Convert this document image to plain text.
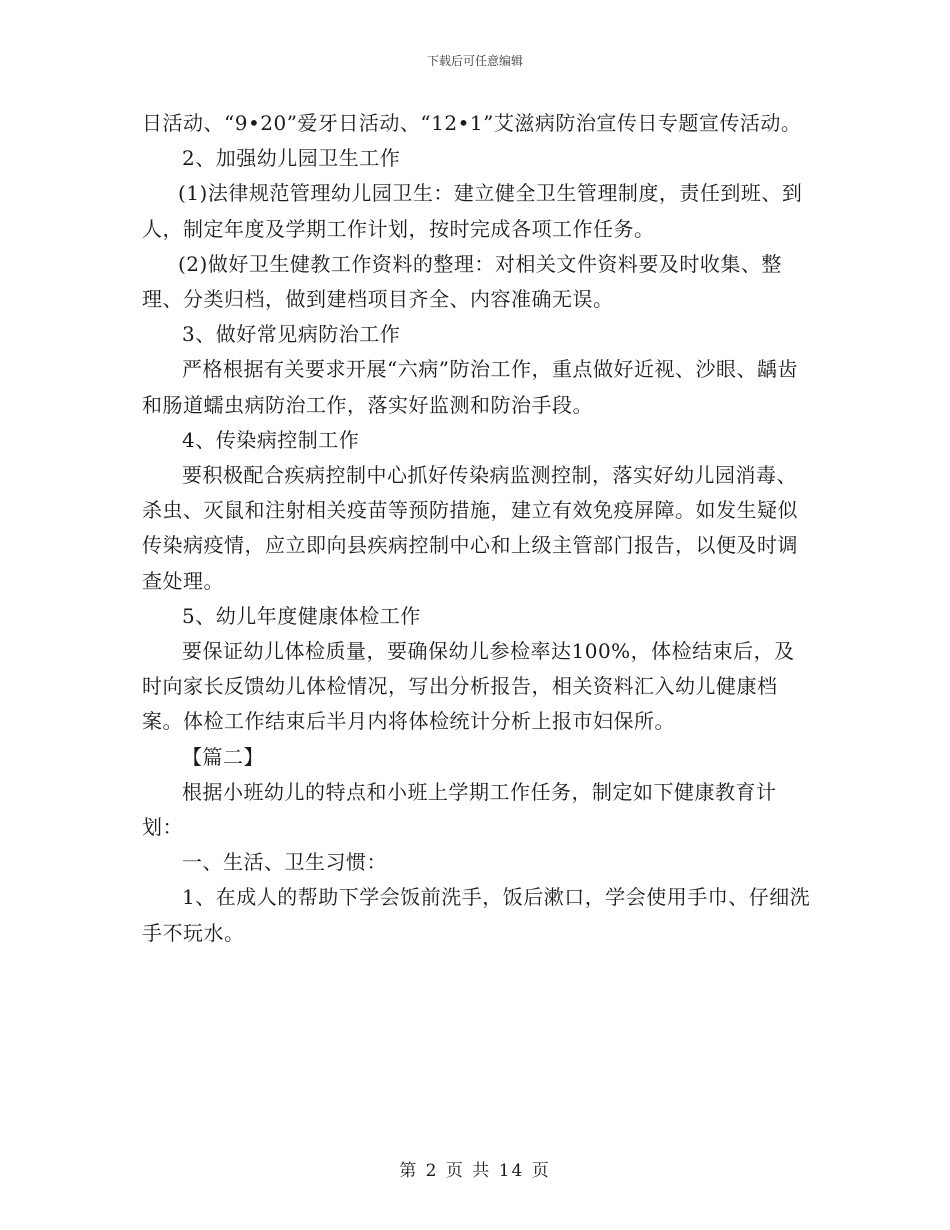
下载后可任意编辑

日活动、“9•20”爱牙日活动、“12•1”艾滋病防治宣传日专题宣传活动。

2、加强幼儿园卫生工作

(1)法律规范管理幼儿园卫生：建立健全卫生管理制度，责任到班、到人，制定年度及学期工作计划，按时完成各项工作任务。

(2)做好卫生健教工作资料的整理：对相关文件资料要及时收集、整理、分类归档，做到建档项目齐全、内容准确无误。

3、做好常见病防治工作

严格根据有关要求开展“六病”防治工作，重点做好近视、沙眼、龋齿和肠道蠕虫病防治工作，落实好监测和防治手段。

4、传染病控制工作

要积极配合疾病控制中心抓好传染病监测控制，落实好幼儿园消毒、杀虫、灭鼠和注射相关疫苗等预防措施，建立有效免疫屏障。如发生疑似传染病疫情，应立即向县疾病控制中心和上级主管部门报告，以便及时调查处理。

5、幼儿年度健康体检工作

要保证幼儿体检质量，要确保幼儿参检率达100%，体检结束后，及时向家长反馈幼儿体检情况，写出分析报告，相关资料汇入幼儿健康档案。体检工作结束后半月内将体检统计分析上报市妇保所。

【篇二】

根据小班幼儿的特点和小班上学期工作任务，制定如下健康教育计划：

一、生活、卫生习惯：

1、在成人的帮助下学会饭前洗手，饭后漱口，学会使用手巾、仔细洗手不玩水。

第 2 页 共 14 页
